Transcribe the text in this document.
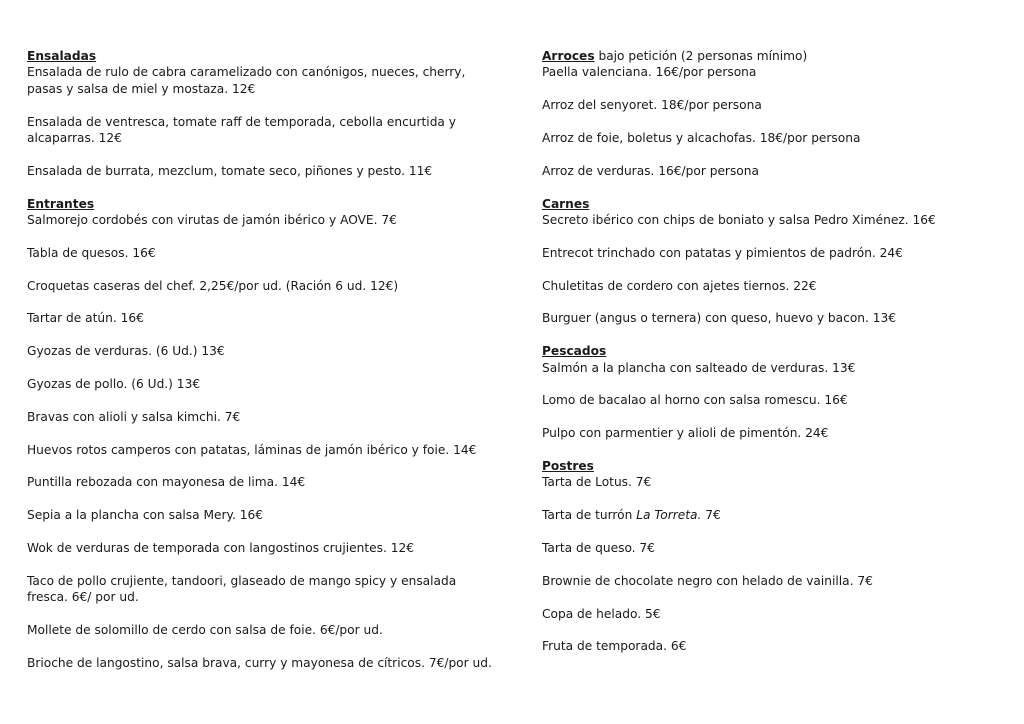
Ensaladas

Ensalada de rulo de cabra caramelizado con canónigos, nueces, cherry, pasas y salsa de miel y mostaza. 12€

Ensalada de ventresca, tomate raff de temporada, cebolla encurtida y alcaparras. 12€

Ensalada de burrata, mezclum, tomate seco, piñones y pesto. 11€

Entrantes

Salmorejo cordobés con virutas de jamón ibérico y AOVE. 7€

Tabla de quesos. 16€

Croquetas caseras del chef. 2,25€/por ud. (Ración 6 ud. 12€)

Tartar de atún. 16€

Gyozas de verduras. (6 Ud.) 13€

Gyozas de pollo. (6 Ud.) 13€

Bravas con alioli y salsa kimchi. 7€

Huevos rotos camperos con patatas, láminas de jamón ibérico y foie. 14€

Puntilla rebozada con mayonesa de lima. 14€

Sepia a la plancha con salsa Mery. 16€

Wok de verduras de temporada con langostinos crujientes. 12€

Taco de pollo crujiente, tandoori, glaseado de mango spicy y ensalada fresca. 6€/ por ud.

Mollete de solomillo de cerdo con salsa de foie. 6€/por ud.

Brioche de langostino, salsa brava, curry y mayonesa de cítricos. 7€/por ud.

Arroces bajo petición (2 personas mínimo)

Paella valenciana. 16€/por persona

Arroz del senyoret. 18€/por persona

Arroz de foie, boletus y alcachofas. 18€/por persona

Arroz de verduras. 16€/por persona

Carnes

Secreto ibérico con chips de boniato y salsa Pedro Ximénez. 16€

Entrecot trinchado con patatas y pimientos de padrón. 24€

Chuletitas de cordero con ajetes tiernos. 22€

Burguer (angus o ternera) con queso, huevo y bacon. 13€

Pescados

Salmón a la plancha con salteado de verduras. 13€

Lomo de bacalao al horno con salsa romescu. 16€

Pulpo con parmentier y alioli de pimentón. 24€

Postres

Tarta de Lotus. 7€

Tarta de turrón La Torreta. 7€

Tarta de queso. 7€

Brownie de chocolate negro con helado de vainilla. 7€

Copa de helado. 5€

Fruta de temporada. 6€
